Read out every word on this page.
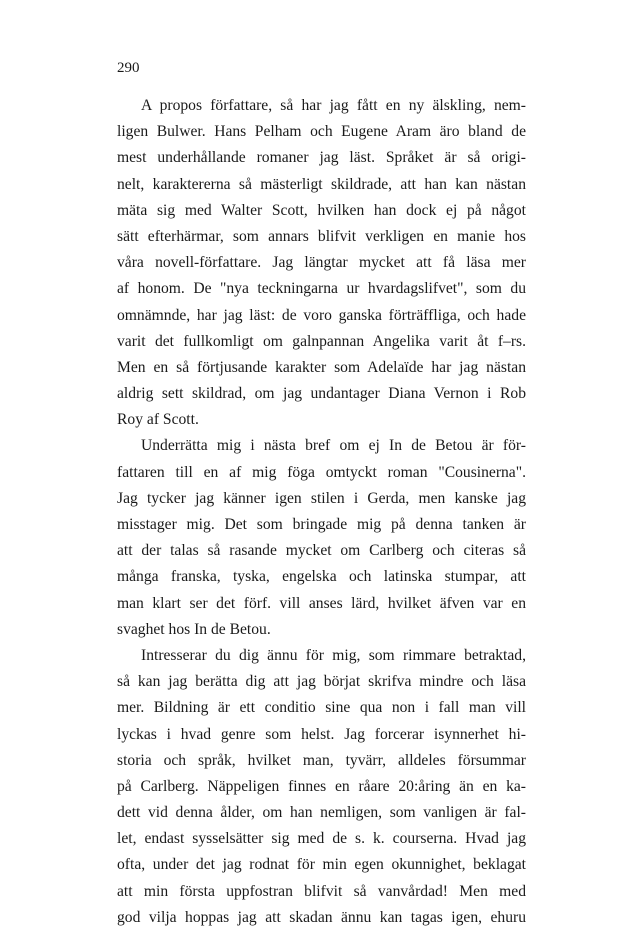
290
A propos författare, så har jag fått en ny älskling, nem-
ligen Bulwer. Hans Pelham och Eugene Aram äro bland de
mest underhållande romaner jag läst. Språket är så origi-
nelt, karaktererna så mästerligt skildrade, att han kan nästan
mäta sig med Walter Scott, hvilken han dock ej på något
sätt efterhärmar, som annars blifvit verkligen en manie hos
våra novell-författare. Jag längtar mycket att få läsa mer
af honom. De "nya teckningarna ur hvardagslifvet", som du
omnämnde, har jag läst: de voro ganska förträffliga, och hade
varit det fullkomligt om galnpannan Angelika varit åt f–rs.
Men en så förtjusande karakter som Adelaïde har jag nästan
aldrig sett skildrad, om jag undantager Diana Vernon i Rob
Roy af Scott.
Underrätta mig i nästa bref om ej In de Betou är för-
fattaren till en af mig föga omtyckt roman "Cousinerna".
Jag tycker jag känner igen stilen i Gerda, men kanske jag
misstager mig. Det som bringade mig på denna tanken är
att der talas så rasande mycket om Carlberg och citeras så
många franska, tyska, engelska och latinska stumpar, att
man klart ser det förf. vill anses lärd, hvilket äfven var en
svaghet hos In de Betou.
Intresserar du dig ännu för mig, som rimmare betraktad,
så kan jag berätta dig att jag börjat skrifva mindre och läsa
mer. Bildning är ett conditio sine qua non i fall man vill
lyckas i hvad genre som helst. Jag forcerar isynnerhet hi-
storia och språk, hvilket man, tyvärr, alldeles försummar
på Carlberg. Näppeligen finnes en råare 20:åring än en ka-
dett vid denna ålder, om han nemligen, som vanligen är fal-
let, endast sysselsätter sig med de s. k. courserna. Hvad jag
ofta, under det jag rodnat för min egen okunnighet, beklagat
att min första uppfostran blifvit så vanvårdad! Men med
god vilja hoppas jag att skadan ännu kan tagas igen, ehuru
